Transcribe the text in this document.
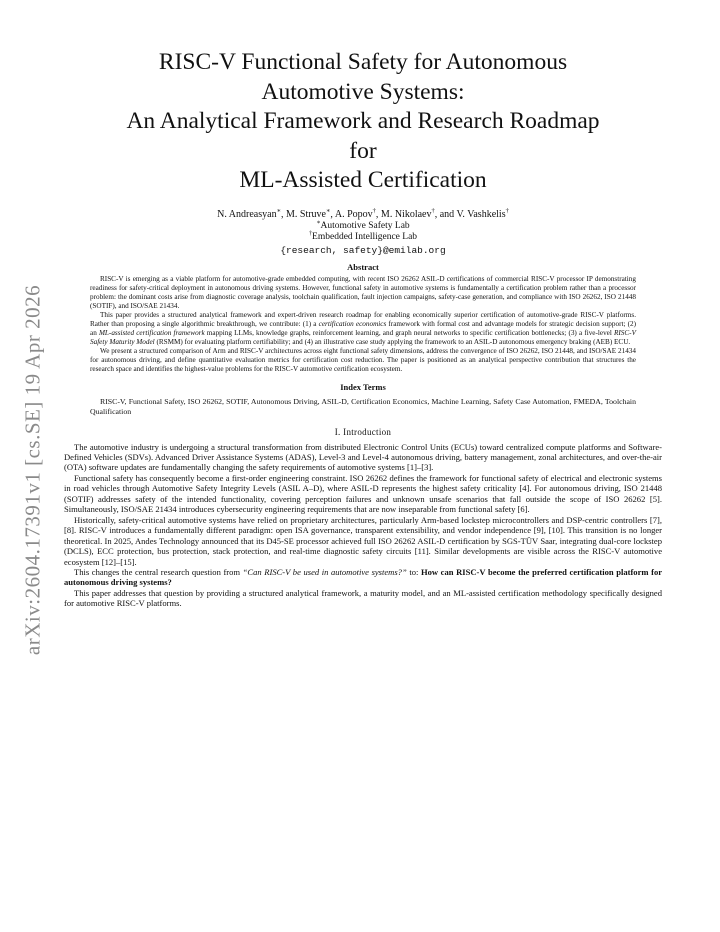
arXiv:2604.17391v1 [cs.SE] 19 Apr 2026
RISC-V Functional Safety for Autonomous
Automotive Systems:
An Analytical Framework and Research Roadmap
for
ML-Assisted Certification
N. Andreasyan∗, M. Struve∗, A. Popov†, M. Nikolaev†, and V. Vashkelis†
∗Automotive Safety Lab
†Embedded Intelligence Lab
{research, safety}@emilab.org
Abstract

RISC-V is emerging as a viable platform for automotive-grade embedded computing, with recent ISO 26262 ASIL-D certifications of commercial RISC-V processor IP demonstrating readiness for safety-critical deployment in autonomous driving systems. However, functional safety in automotive systems is fundamentally a certification problem rather than a processor problem: the dominant costs arise from diagnostic coverage analysis, toolchain qualification, fault injection campaigns, safety-case generation, and compliance with ISO 26262, ISO 21448 (SOTIF), and ISO/SAE 21434.

This paper provides a structured analytical framework and expert-driven research roadmap for enabling economically superior certification of automotive-grade RISC-V platforms. Rather than proposing a single algorithmic breakthrough, we contribute: (1) a certification economics framework with formal cost and advantage models for strategic decision support; (2) an ML-assisted certification framework mapping LLMs, knowledge graphs, reinforcement learning, and graph neural networks to specific certification bottlenecks; (3) a five-level RISC-V Safety Maturity Model (RSMM) for evaluating platform certifiability; and (4) an illustrative case study applying the framework to an ASIL-D autonomous emergency braking (AEB) ECU.

We present a structured comparison of Arm and RISC-V architectures across eight functional safety dimensions, address the convergence of ISO 26262, ISO 21448, and ISO/SAE 21434 for autonomous driving, and define quantitative evaluation metrics for certification cost reduction. The paper is positioned as an analytical perspective contribution that structures the research space and identifies the highest-value problems for the RISC-V automotive certification ecosystem.

Index Terms
RISC-V, Functional Safety, ISO 26262, SOTIF, Autonomous Driving, ASIL-D, Certification Economics, Machine Learning, Safety Case Automation, FMEDA, Toolchain Qualification
I. Introduction

The automotive industry is undergoing a structural transformation from distributed Electronic Control Units (ECUs) toward centralized compute platforms and Software-Defined Vehicles (SDVs). Advanced Driver Assistance Systems (ADAS), Level-3 and Level-4 autonomous driving, battery management, zonal architectures, and over-the-air (OTA) software updates are fundamentally changing the safety requirements of automotive systems [1]–[3].

Functional safety has consequently become a first-order engineering constraint. ISO 26262 defines the framework for functional safety of electrical and electronic systems in road vehicles through Automotive Safety Integrity Levels (ASIL A–D), where ASIL-D represents the highest safety criticality [4]. For autonomous driving, ISO 21448 (SOTIF) addresses safety of the intended functionality, covering perception failures and unknown unsafe scenarios that fall outside the scope of ISO 26262 [5]. Simultaneously, ISO/SAE 21434 introduces cybersecurity engineering requirements that are now inseparable from functional safety [6].

Historically, safety-critical automotive systems have relied on proprietary architectures, particularly Arm-based lockstep microcontrollers and DSP-centric controllers [7], [8]. RISC-V introduces a fundamentally different paradigm: open ISA governance, transparent extensibility, and vendor independence [9], [10]. This transition is no longer theoretical. In 2025, Andes Technology announced that its D45-SE processor achieved full ISO 26262 ASIL-D certification by SGS-TÜV Saar, integrating dual-core lockstep (DCLS), ECC protection, bus protection, stack protection, and real-time diagnostic safety circuits [11]. Similar developments are visible across the RISC-V automotive ecosystem [12]–[15].

This changes the central research question from “Can RISC-V be used in automotive systems?” to: How can RISC-V become the preferred certification platform for autonomous driving systems?

This paper addresses that question by providing a structured analytical framework, a maturity model, and an ML-assisted certification methodology specifically designed for automotive RISC-V platforms.
